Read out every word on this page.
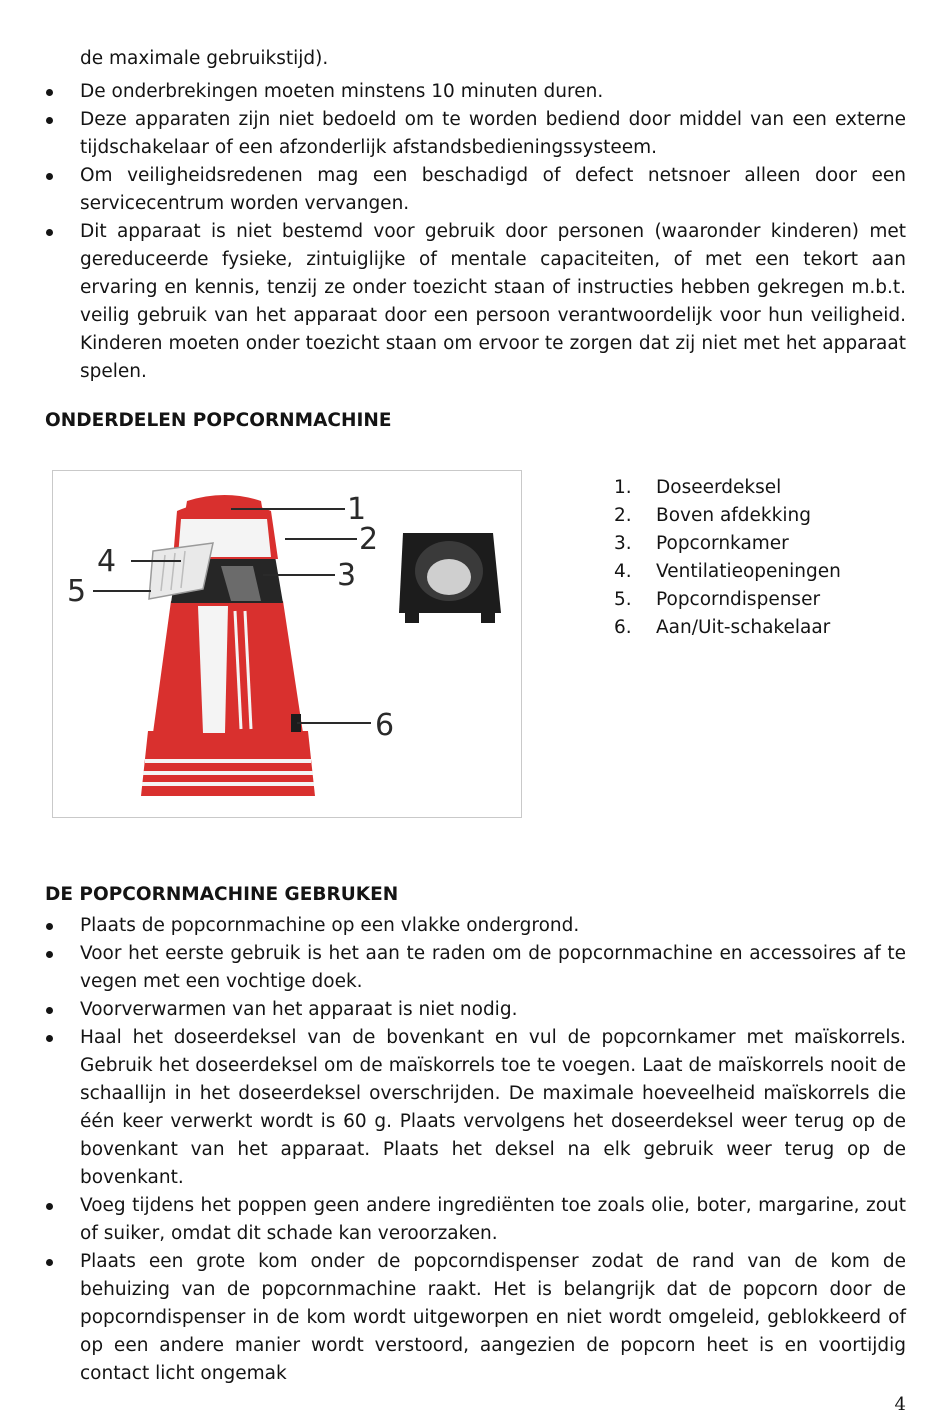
de maximale gebruikstijd).
De onderbrekingen moeten minstens 10 minuten duren.
Deze apparaten zijn niet bedoeld om te worden bediend door middel van een externe tijdschakelaar of een afzonderlijk afstandsbedieningssysteem.
Om veiligheidsredenen mag een beschadigd of defect netsnoer alleen door een servicecentrum worden vervangen.
Dit apparaat is niet bestemd voor gebruik door personen (waaronder kinderen) met gereduceerde fysieke, zintuiglijke of mentale capaciteiten, of met een tekort aan ervaring en kennis, tenzij ze onder toezicht staan of instructies hebben gekregen m.b.t. veilig gebruik van het apparaat door een persoon verantwoordelijk voor hun veiligheid. Kinderen moeten onder toezicht staan om ervoor te zorgen dat zij niet met het apparaat spelen.
ONDERDELEN POPCORNMACHINE
1
2
3
4
5
6
1.	Doseerdeksel
2.	Boven afdekking
3.	Popcornkamer
4.	Ventilatieopeningen
5.	Popcorndispenser
6.	Aan/Uit-schakelaar
DE POPCORNMACHINE GEBRUKEN
Plaats de popcornmachine op een vlakke ondergrond.
Voor het eerste gebruik is het aan te raden om de popcornmachine en accessoires af te vegen met een vochtige doek.
Voorverwarmen van het apparaat is niet nodig.
Haal het doseerdeksel van de bovenkant en vul de popcornkamer met maïskorrels. Gebruik het doseerdeksel om de maïskorrels toe te voegen. Laat de maïskorrels nooit de schaallijn in het doseerdeksel overschrijden. De maximale hoeveelheid maïskorrels die één keer verwerkt wordt is 60 g. Plaats vervolgens het doseerdeksel weer terug op de bovenkant van het apparaat. Plaats het deksel na elk gebruik weer terug op de bovenkant.
Voeg tijdens het poppen geen andere ingrediënten toe zoals olie, boter, margarine, zout of suiker, omdat dit schade kan veroorzaken.
Plaats een grote kom onder de popcorndispenser zodat de rand van de kom de behuizing van de popcornmachine raakt. Het is belangrijk dat de popcorn door de popcorndispenser in de kom wordt uitgeworpen en niet wordt omgeleid, geblokkeerd of op een andere manier wordt verstoord, aangezien de popcorn heet is en voortijdig contact licht ongemak
4
